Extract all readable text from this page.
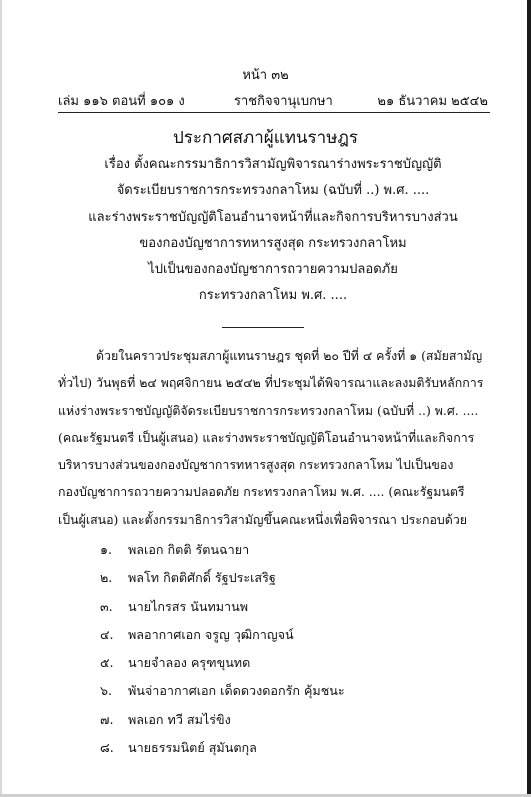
หน้า ๓๒
เล่ม ๑๑๖ ตอนที่ ๑๐๑ ง	ราชกิจจานุเบกษา	๒๑ ธันวาคม ๒๕๔๒
ประกาศสภาผู้แทนราษฎร
เรื่อง ตั้งคณะกรรมาธิการวิสามัญพิจารณาร่างพระราชบัญญัติ
จัดระเบียบราชการกระทรวงกลาโหม (ฉบับที่ ..) พ.ศ. ....
และร่างพระราชบัญญัติโอนอำนาจหน้าที่และกิจการบริหารบางส่วน
ของกองบัญชาการทหารสูงสุด กระทรวงกลาโหม
ไปเป็นของกองบัญชาการถวายความปลอดภัย
กระทรวงกลาโหม พ.ศ. ....
ด้วยในคราวประชุมสภาผู้แทนราษฎร ชุดที่ ๒๐ ปีที่ ๔ ครั้งที่ ๑ (สมัยสามัญ
ทั่วไป) วันพุธที่ ๒๔ พฤศจิกายน ๒๕๔๒ ที่ประชุมได้พิจารณาและลงมติรับหลักการ
แห่งร่างพระราชบัญญัติจัดระเบียบราชการกระทรวงกลาโหม (ฉบับที่ ..) พ.ศ. ....
(คณะรัฐมนตรี เป็นผู้เสนอ) และร่างพระราชบัญญัติโอนอำนาจหน้าที่และกิจการ
บริหารบางส่วนของกองบัญชาการทหารสูงสุด กระทรวงกลาโหม ไปเป็นของ
กองบัญชาการถวายความปลอดภัย กระทรวงกลาโหม พ.ศ. .... (คณะรัฐมนตรี
เป็นผู้เสนอ) และตั้งกรรมาธิการวิสามัญขึ้นคณะหนึ่งเพื่อพิจารณา ประกอบด้วย
๑. พลเอก กิตติ รัตนฉายา
๒. พลโท กิตติศักดิ์ รัฐประเสริฐ
๓. นายไกรสร นันทมานพ
๔. พลอากาศเอก จรูญ วุฒิกาญจน์
๕. นายจำลอง ครุฑขุนทด
๖. พันจ่าอากาศเอก เด็ดดวงดอกรัก คุ้มชนะ
๗. พลเอก ทวี สมไร่ขิง
๘. นายธรรมนิตย์ สุมันตกุล
